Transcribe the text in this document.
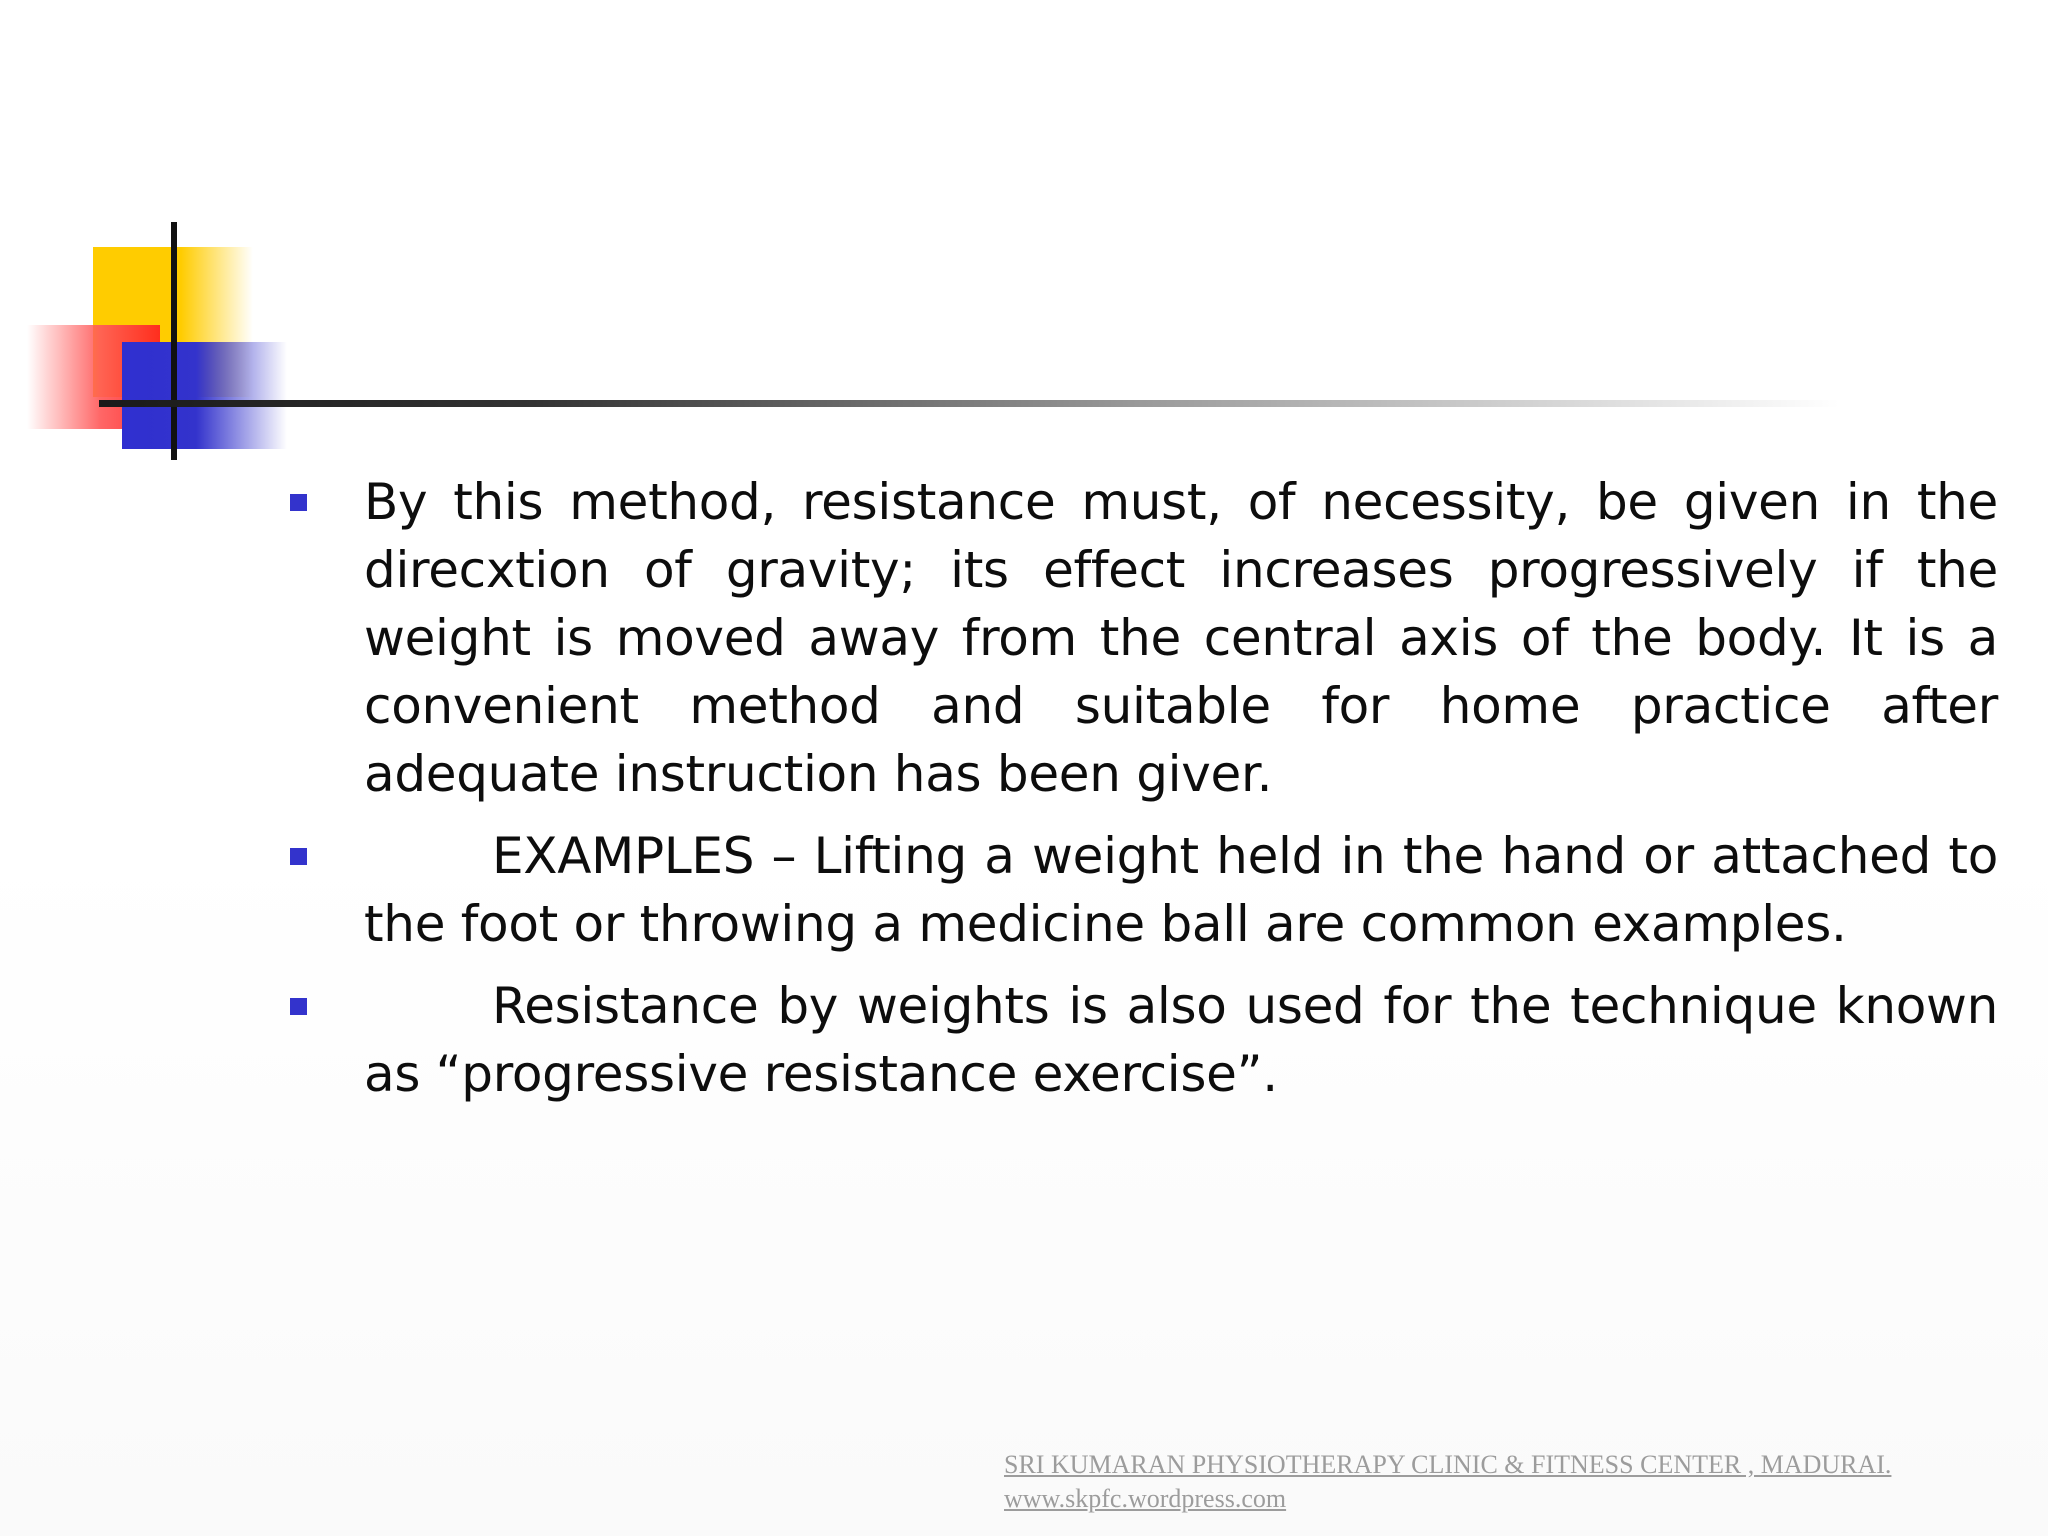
By this method, resistance must, of necessity, be given in the direcxtion of gravity; its effect increases progressively if the weight is moved away from the central axis of the body. It is a convenient method and suitable for home practice after adequate instruction has been giver.
EXAMPLES – Lifting a weight held in the hand or attached to the foot or throwing a medicine ball are common examples.
Resistance by weights is also used for the technique known as “progressive resistance exercise”.
SRI KUMARAN PHYSIOTHERAPY CLINIC & FITNESS CENTER , MADURAI.
www.skpfc.wordpress.com
